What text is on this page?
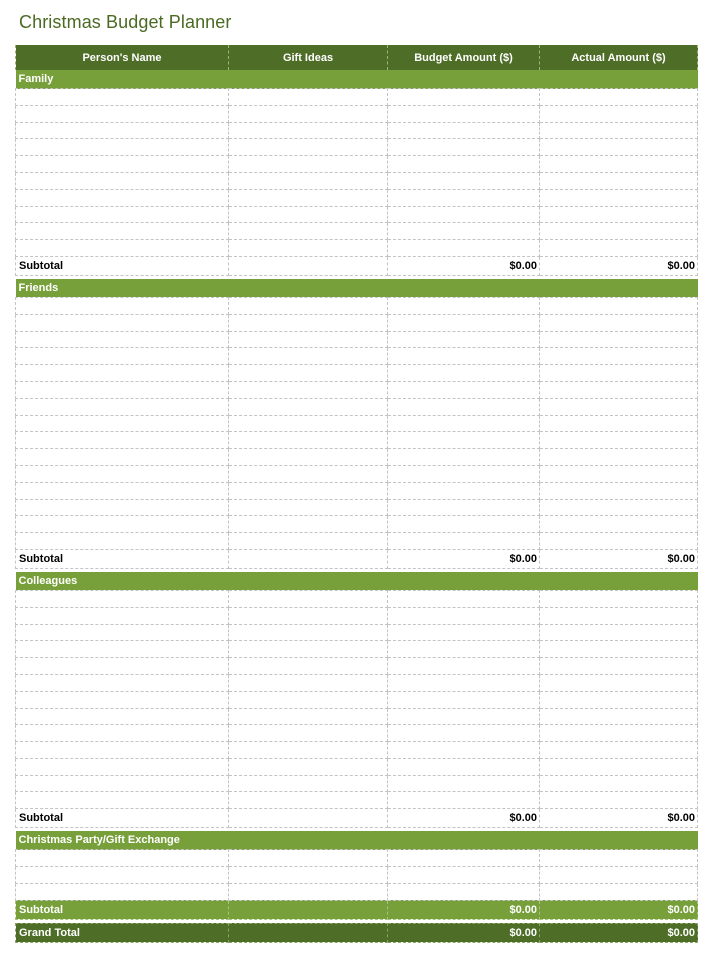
Christmas Budget Planner
Person's Name	Gift Ideas	Budget Amount ($)	Actual Amount ($)
Family			

Subtotal		$0.00	$0.00

Friends			

Subtotal		$0.00	$0.00

Colleagues			

Subtotal		$0.00	$0.00

Christmas Party/Gift Exchange			

Subtotal		$0.00	$0.00

Grand Total		$0.00	$0.00
